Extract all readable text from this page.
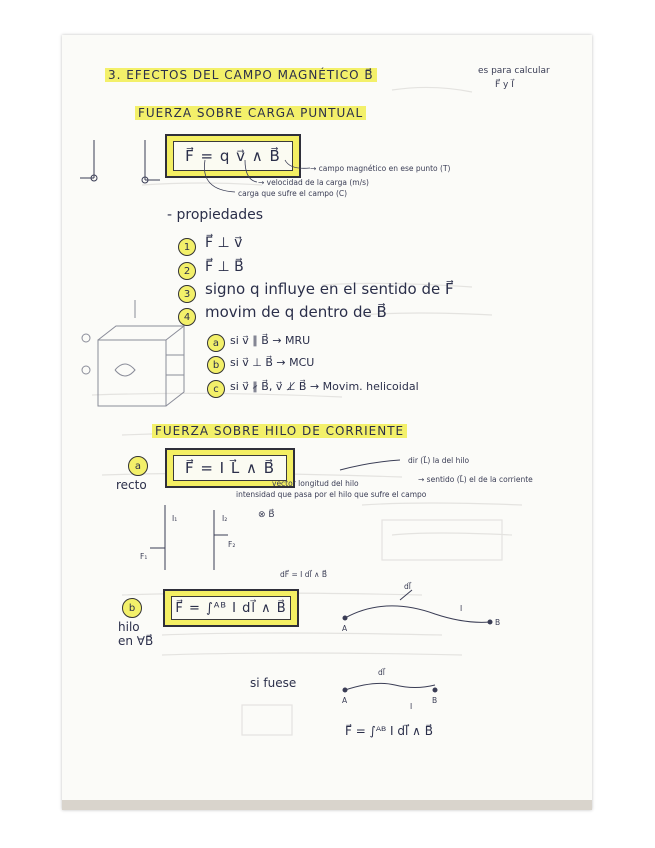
3. EFECTOS DEL CAMPO MAGNÉTICO B⃗	es para calcular
F⃗ y I⃗
FUERZA SOBRE CARGA PUNTUAL
F⃗ = q v⃗ ∧ B⃗
→ campo magnético en ese punto (T)
→ velocidad de la carga (m/s)
carga que sufre el campo (C)
- propiedades
1	F⃗ ⊥ v⃗
2	F⃗ ⊥ B⃗
3 signo q influye en el sentido de F⃗
4 movim de q dentro de B⃗
a si v⃗ ∥ B⃗ → MRU
b si v⃗ ⊥ B⃗ → MCU
c	si v⃗ ∦ B⃗, v⃗ ⊥̸ B⃗ → Movim. helicoidal
FUERZA SOBRE HILO DE CORRIENTE
a
recto
F⃗ = I L⃗ ∧ B⃗	dir (L⃗) la del hilo
→ sentido (L⃗) el de la corriente
vector longitud del hilo
intensidad que pasa por el hilo que sufre el campo
I₁	I₂
F₁
F₂
⊗ B⃗
dF⃗ = I dl⃗ ∧ B⃗
b
hilo en ∀B⃗
F⃗ = ∫ᴬᴮ I dl⃗ ∧ B⃗
A
B
I
dl⃗
si fuese
A	B
I
dl⃗
F⃗ = ∫ᴬᴮ I dl⃗ ∧ B⃗
